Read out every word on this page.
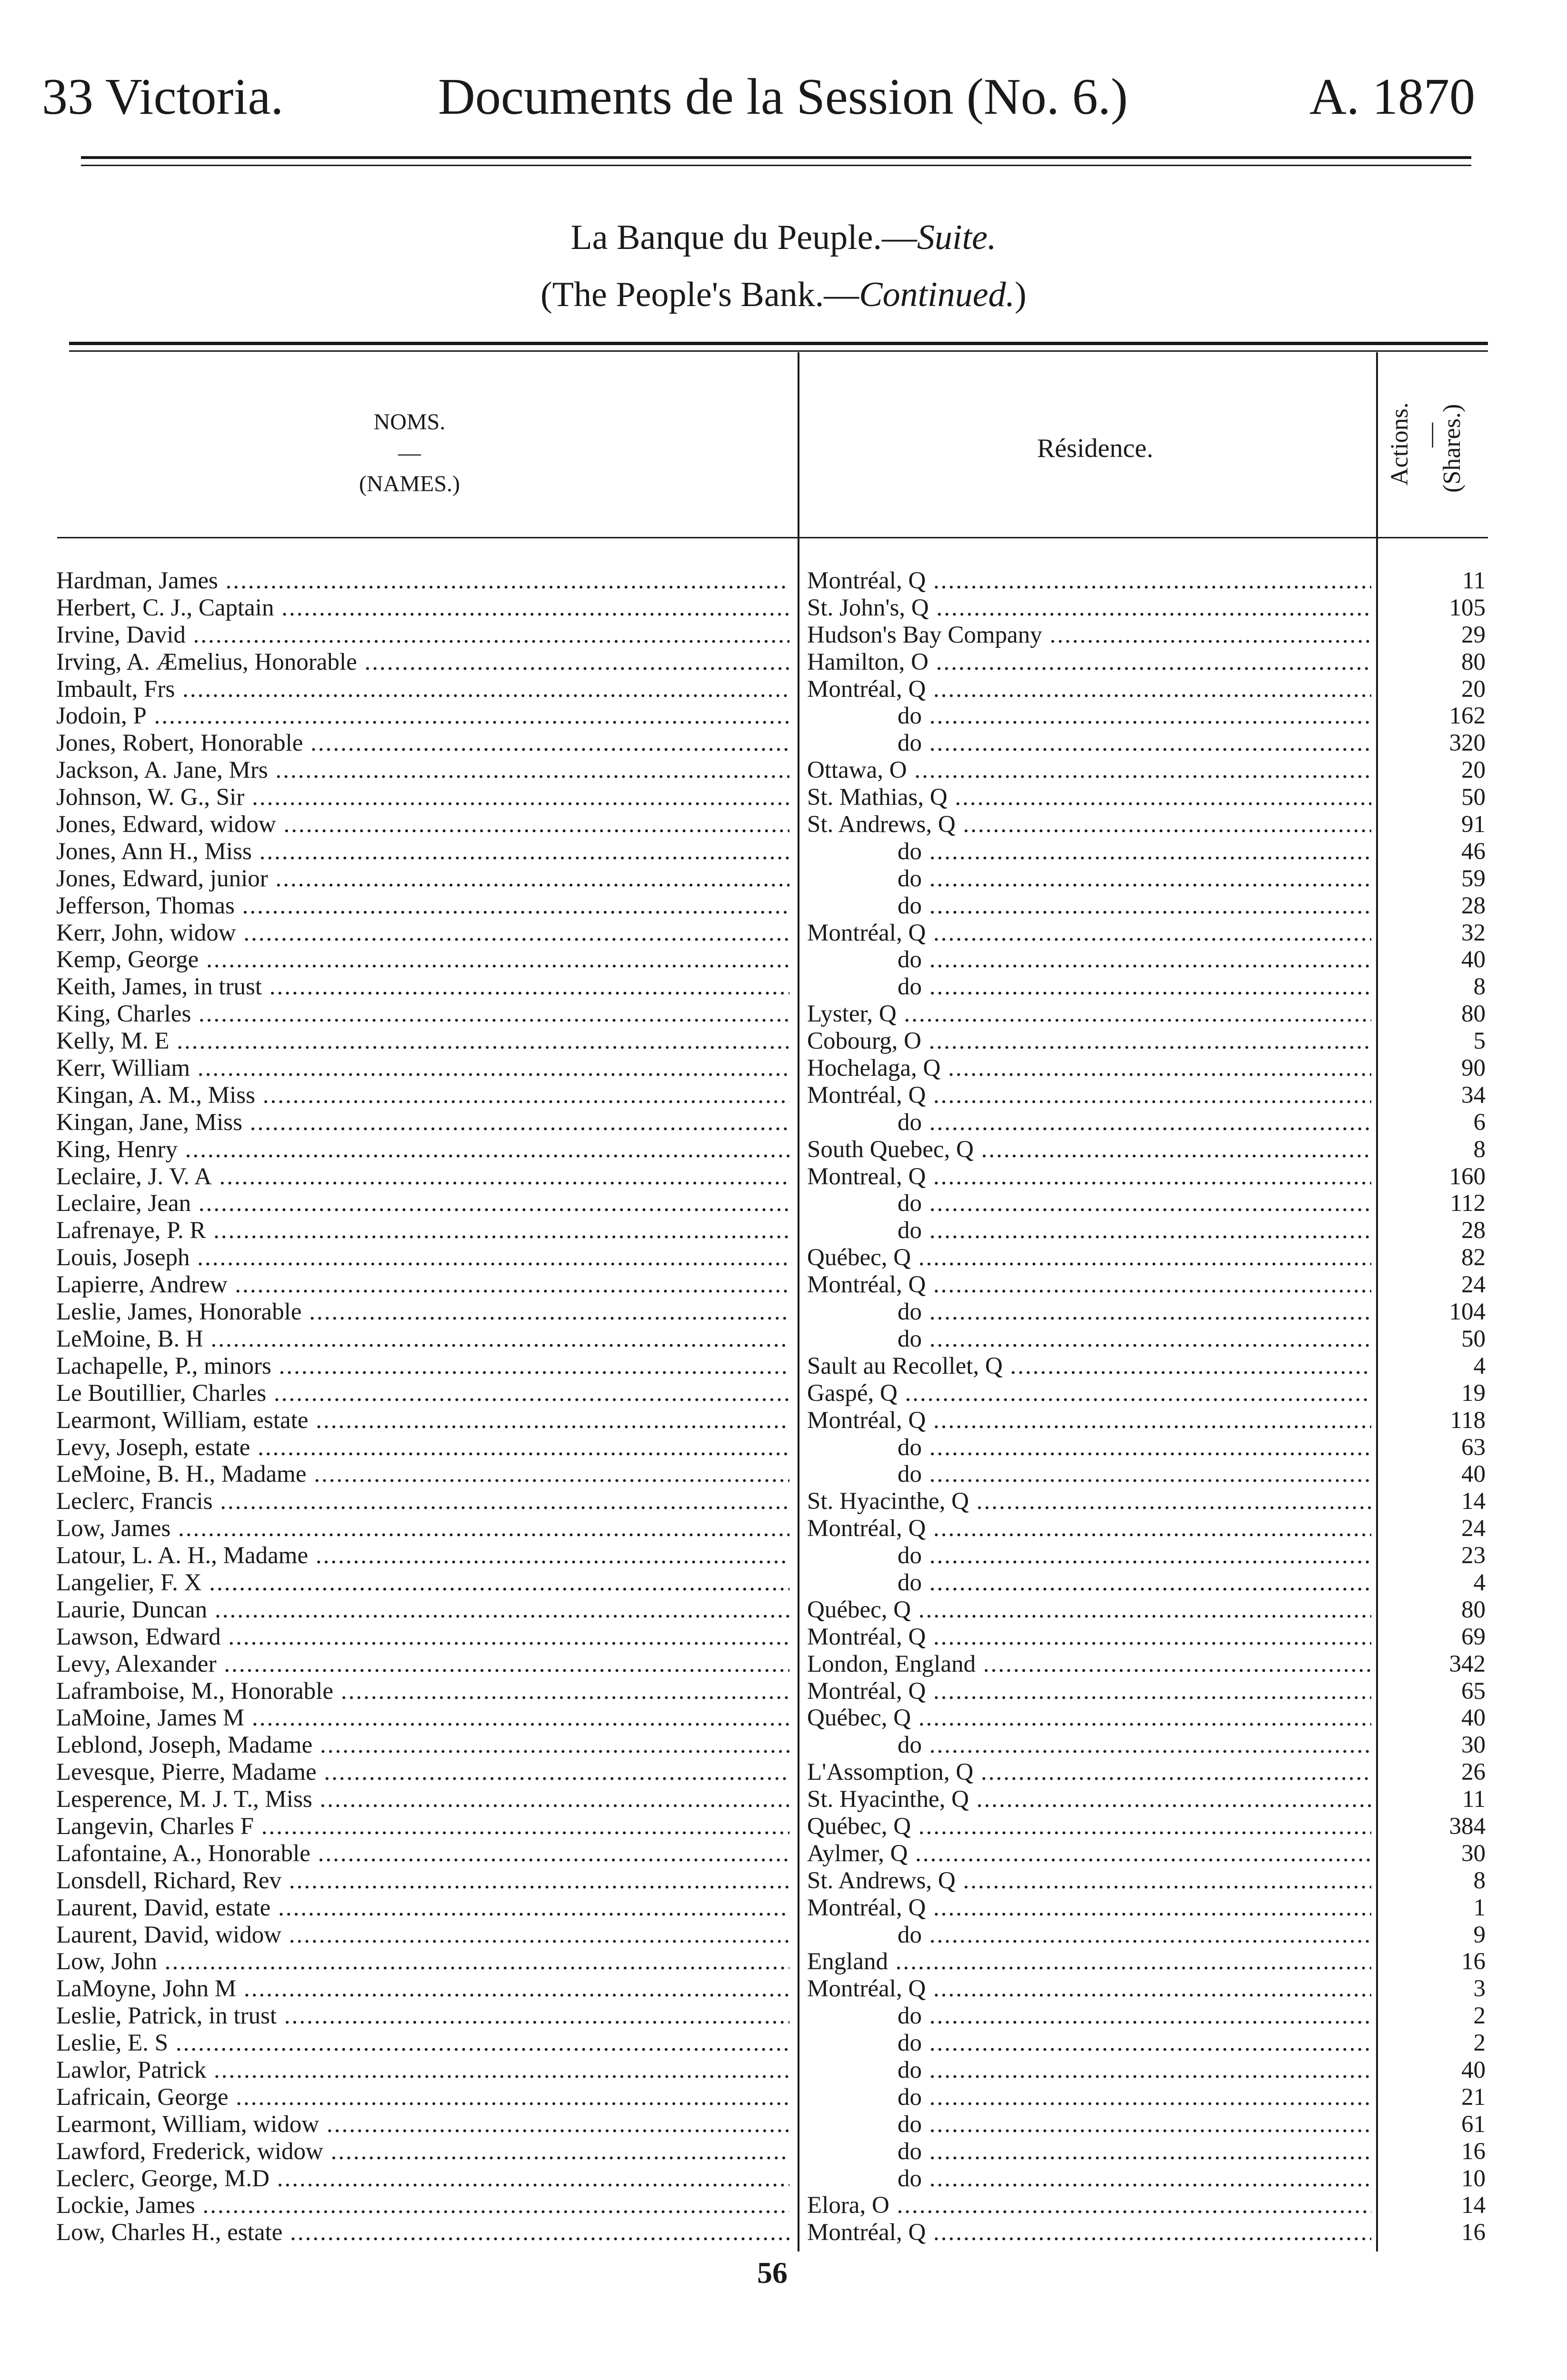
33 Victoria.	Documents de la Session (No. 6.)	A. 1870
La Banque du Peuple.—Suite.
(The People's Bank.—Continued.)
NOMS.
—
(NAMES.)
Résidence.	Actions. —
(Shares.)
Hardman, James .....	Montréal, Q .....	11
Herbert, C. J., Captain .....	St. John's, Q .....	105
Irvine, David .....	Hudson's Bay Company .....	29
Irving, A. Æmelius, Honorable .....	Hamilton, O .....	80
Imbault, Frs .....	Montréal, Q .....	20
Jodoin, P .....	do .....	162
Jones, Robert, Honorable .....	do .....	320
Jackson, A. Jane, Mrs .....	Ottawa, O .....	20
Johnson, W. G., Sir .....	St. Mathias, Q .....	50
Jones, Edward, widow .....	St. Andrews, Q .....	91
Jones, Ann H., Miss .....	do .....	46
Jones, Edward, junior .....	do .....	59
Jefferson, Thomas .....	do .....	28
Kerr, John, widow .....	Montréal, Q .....	32
Kemp, George .....	do .....	40
Keith, James, in trust .....	do .....	8
King, Charles .....	Lyster, Q .....	80
Kelly, M. E .....	Cobourg, O .....	5
Kerr, William .....	Hochelaga, Q .....	90
Kingan, A. M., Miss .....	Montréal, Q .....	34
Kingan, Jane, Miss .....	do .....	6
King, Henry .....	South Quebec, Q .....	8
Leclaire, J. V. A .....	Montreal, Q .....	160
Leclaire, Jean .....	do .....	112
Lafrenaye, P. R .....	do .....	28
Louis, Joseph .....	Québec, Q .....	82
Lapierre, Andrew .....	Montréal, Q .....	24
Leslie, James, Honorable .....	do .....	104
LeMoine, B. H .....	do .....	50
Lachapelle, P., minors .....	Sault au Recollet, Q .....	4
Le Boutillier, Charles .....	Gaspé, Q .....	19
Learmont, William, estate .....	Montréal, Q .....	118
Levy, Joseph, estate .....	do .....	63
LeMoine, B. H., Madame .....	do .....	40
Leclerc, Francis .....	St. Hyacinthe, Q .....	14
Low, James .....	Montréal, Q .....	24
Latour, L. A. H., Madame .....	do .....	23
Langelier, F. X .....	do .....	4
Laurie, Duncan .....	Québec, Q .....	80
Lawson, Edward .....	Montréal, Q .....	69
Levy, Alexander .....	London, England .....	342
Laframboise, M., Honorable .....	Montréal, Q .....	65
LaMoine, James M .....	Québec, Q .....	40
Leblond, Joseph, Madame .....	do .....	30
Levesque, Pierre, Madame .....	L'Assomption, Q .....	26
Lesperence, M. J. T., Miss .....	St. Hyacinthe, Q .....	11
Langevin, Charles F .....	Québec, Q .....	384
Lafontaine, A., Honorable .....	Aylmer, Q .....	30
Lonsdell, Richard, Rev .....	St. Andrews, Q .....	8
Laurent, David, estate .....	Montréal, Q .....	1
Laurent, David, widow .....	do .....	9
Low, John .....	England .....	16
LaMoyne, John M .....	Montréal, Q .....	3
Leslie, Patrick, in trust .....	do .....	2
Leslie, E. S .....	do .....	2
Lawlor, Patrick .....	do .....	40
Lafricain, George .....	do .....	21
Learmont, William, widow .....	do .....	61
Lawford, Frederick, widow .....	do .....	16
Leclerc, George, M.D .....	do .....	10
Lockie, James .....	Elora, O .....	14
Low, Charles H., estate .....	Montréal, Q .....	16
56
